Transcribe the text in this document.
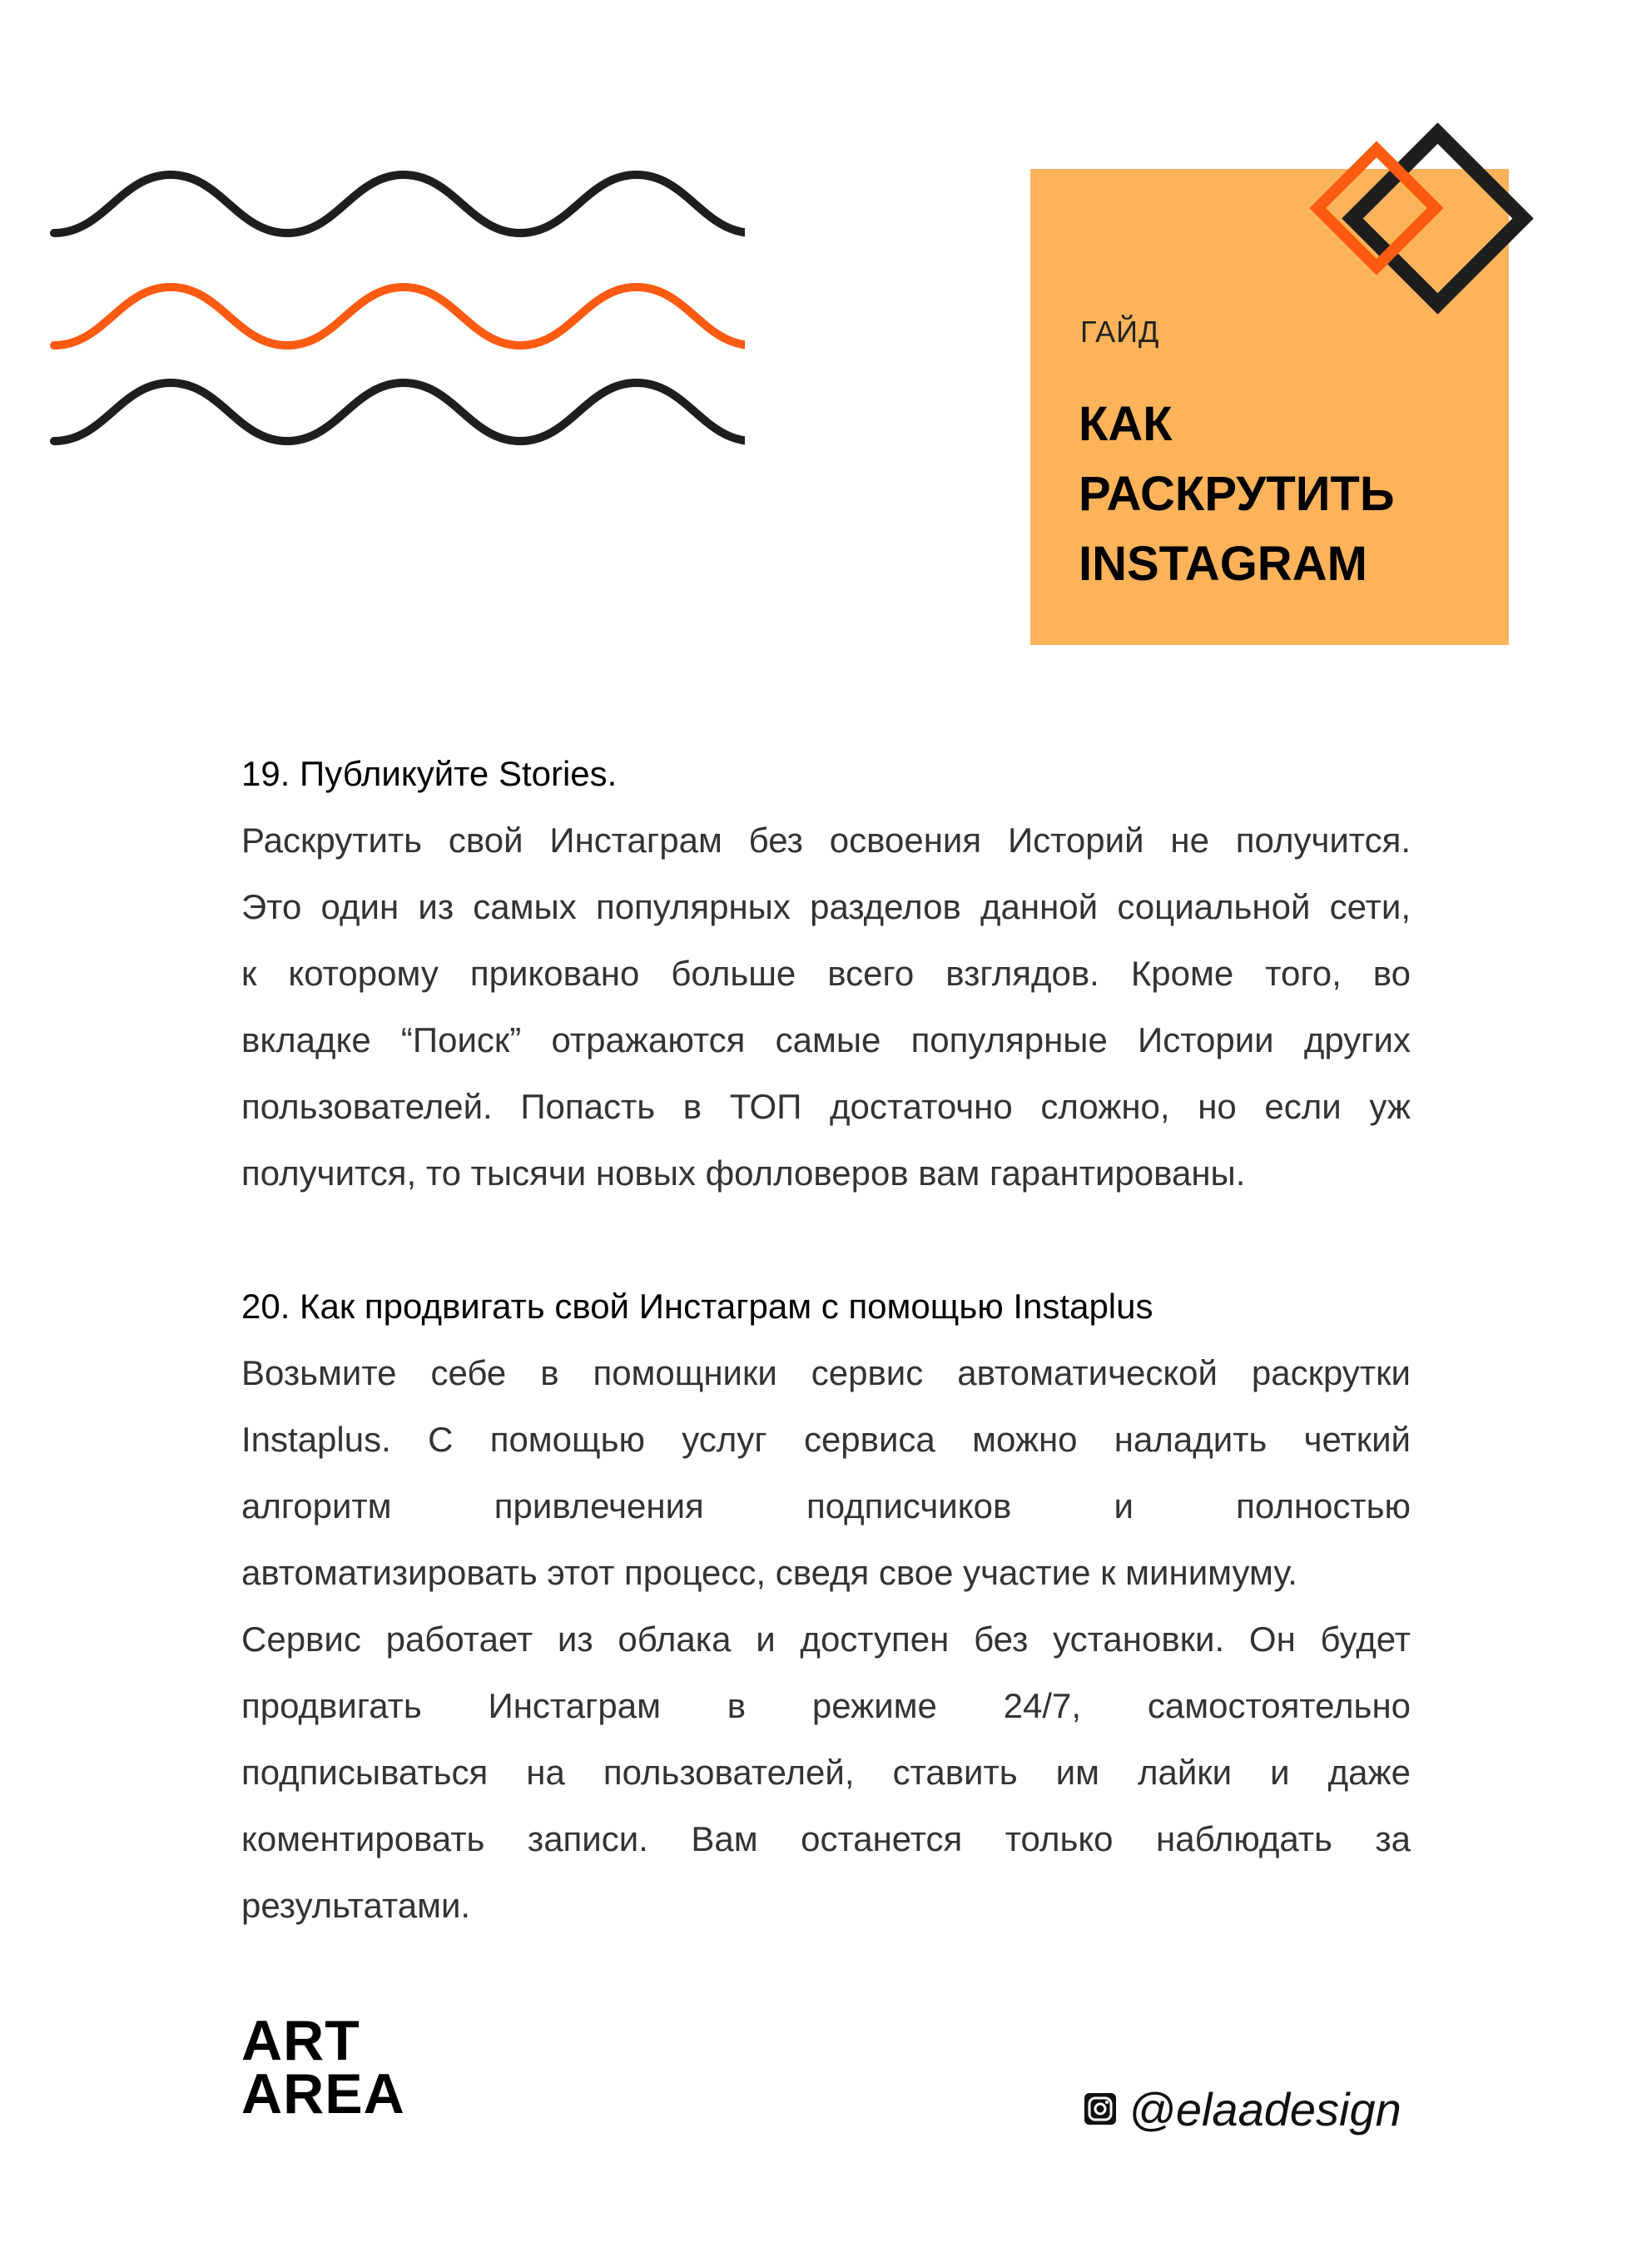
ГАЙД
КАК
РАСКРУТИТЬ
INSTAGRAM

19. Публикуйте Stories.

Раскрутить свой Инстаграм без освоения Историй не получится.

Это один из самых популярных разделов данной социальной сети,

к которому приковано больше всего взглядов. Кроме того, во

вкладке “Поиск” отражаются самые популярные Истории других

пользователей. Попасть в ТОП достаточно сложно, но если уж

получится, то тысячи новых фолловеров вам гарантированы.

20. Как продвигать свой Инстаграм с помощью Instaplus

Возьмите себе в помощники сервис автоматической раскрутки

Instaplus. С помощью услуг сервиса можно наладить четкий

алгоритм привлечения подписчиков и полностью

автоматизировать этот процесс, сведя свое участие к минимуму.

Сервис работает из облака и доступен без установки. Он будет

продвигать Инстаграм в режиме 24/7, самостоятельно

подписываться на пользователей, ставить им лайки и даже

коментировать записи. Вам останется только наблюдать за

результатами.

ART
AREA	@elaadesign
